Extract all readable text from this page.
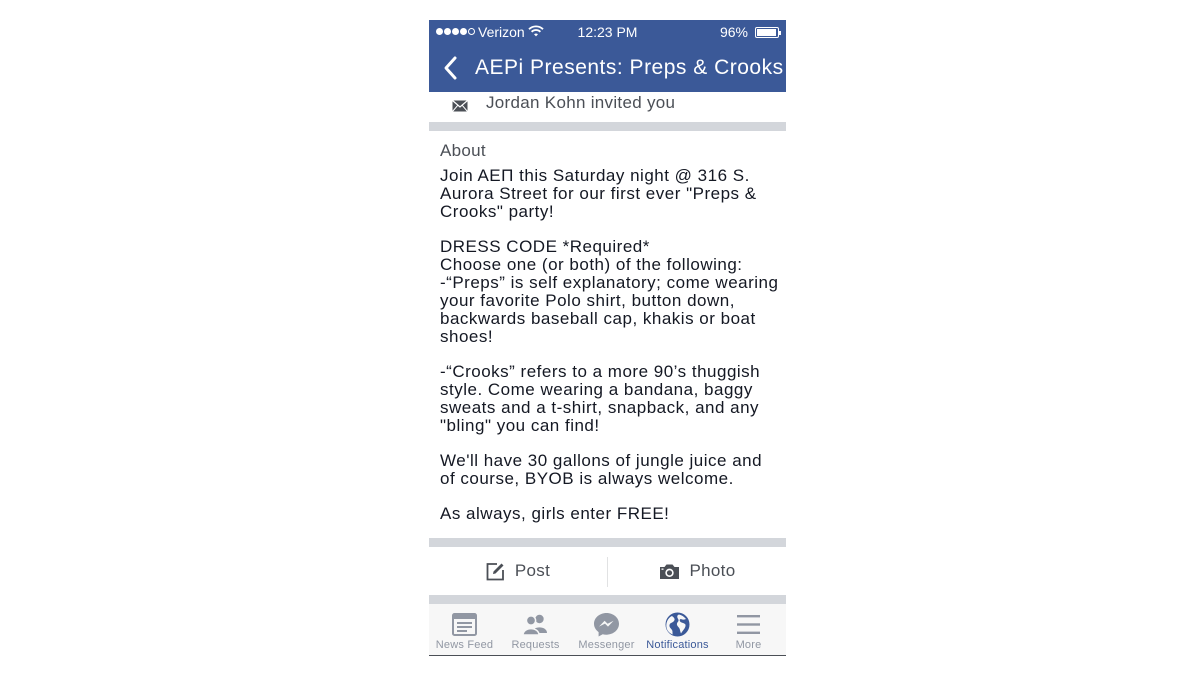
Verizon	12:23 PM	96%
AEPi Presents: Preps & Crooks
Jordan Kohn invited you
About

Join AEΠ this Saturday night @ 316 S. Aurora Street for our first ever "Preps & Crooks" party!

DRESS CODE *Required*
Choose one (or both) of the following:
-“Preps” is self explanatory; come wearing your favorite Polo shirt, button down, backwards baseball cap, khakis or boat shoes!

-“Crooks” refers to a more 90’s thuggish style. Come wearing a bandana, baggy sweats and a t-shirt, snapback, and any "bling" you can find!

We'll have 30 gallons of jungle juice and of course, BYOB is always welcome.

As always, girls enter FREE!

Post	Photo
News Feed	Requests	Messenger	Notifications	More
